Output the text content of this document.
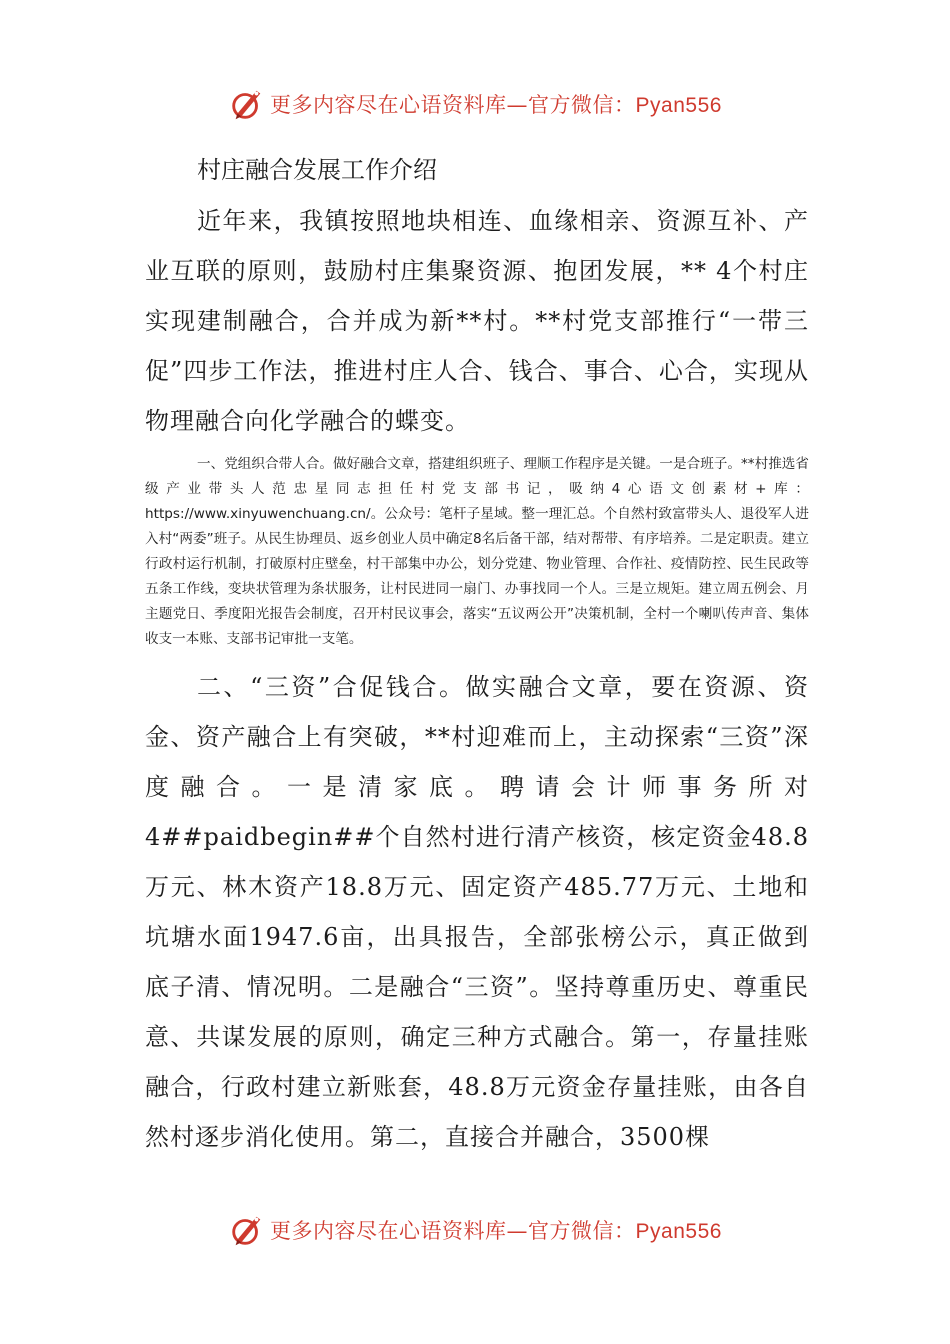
更多内容尽在心语资料库—官方微信：Pyan556

村庄融合发展工作介绍

近年来，我镇按照地块相连、血缘相亲、资源互补、产业互联的原则，鼓励村庄集聚资源、抱团发展，** 4个村庄实现建制融合，合并成为新**村。**村党支部推行“一带三促”四步工作法，推进村庄人合、钱合、事合、心合，实现从物理融合向化学融合的蝶变。

一、党组织合带人合。做好融合文章，搭建组织班子、理顺工作程序是关键。一是合班子。**村推选省级产业带头人范忠星同志担任村党支部书记，吸纳4心语文创素材+库：https://www.xinyuwenchuang.cn/。公众号：笔杆子星域。整一理汇总。个自然村致富带头人、退役军人进入村“两委”班子。从民生协理员、返乡创业人员中确定8名后备干部，结对帮带、有序培养。二是定职责。建立行政村运行机制，打破原村庄壁垒，村干部集中办公，划分党建、物业管理、合作社、疫情防控、民生民政等五条工作线，变块状管理为条状服务，让村民进同一扇门、办事找同一个人。三是立规矩。建立周五例会、月主题党日、季度阳光报告会制度，召开村民议事会，落实“五议两公开”决策机制，全村一个喇叭传声音、集体收支一本账、支部书记审批一支笔。

二、“三资”合促钱合。做实融合文章，要在资源、资金、资产融合上有突破，**村迎难而上，主动探索“三资”深度融合。一是清家底。聘请会计师事务所对4##paidbegin##个自然村进行清产核资，核定资金48.8万元、林木资产18.8万元、固定资产485.77万元、土地和坑塘水面1947.6亩，出具报告，全部张榜公示，真正做到底子清、情况明。二是融合“三资”。坚持尊重历史、尊重民意、共谋发展的原则，确定三种方式融合。第一，存量挂账融合，行政村建立新账套，48.8万元资金存量挂账，由各自然村逐步消化使用。第二，直接合并融合，3500棵

更多内容尽在心语资料库—官方微信：Pyan556
